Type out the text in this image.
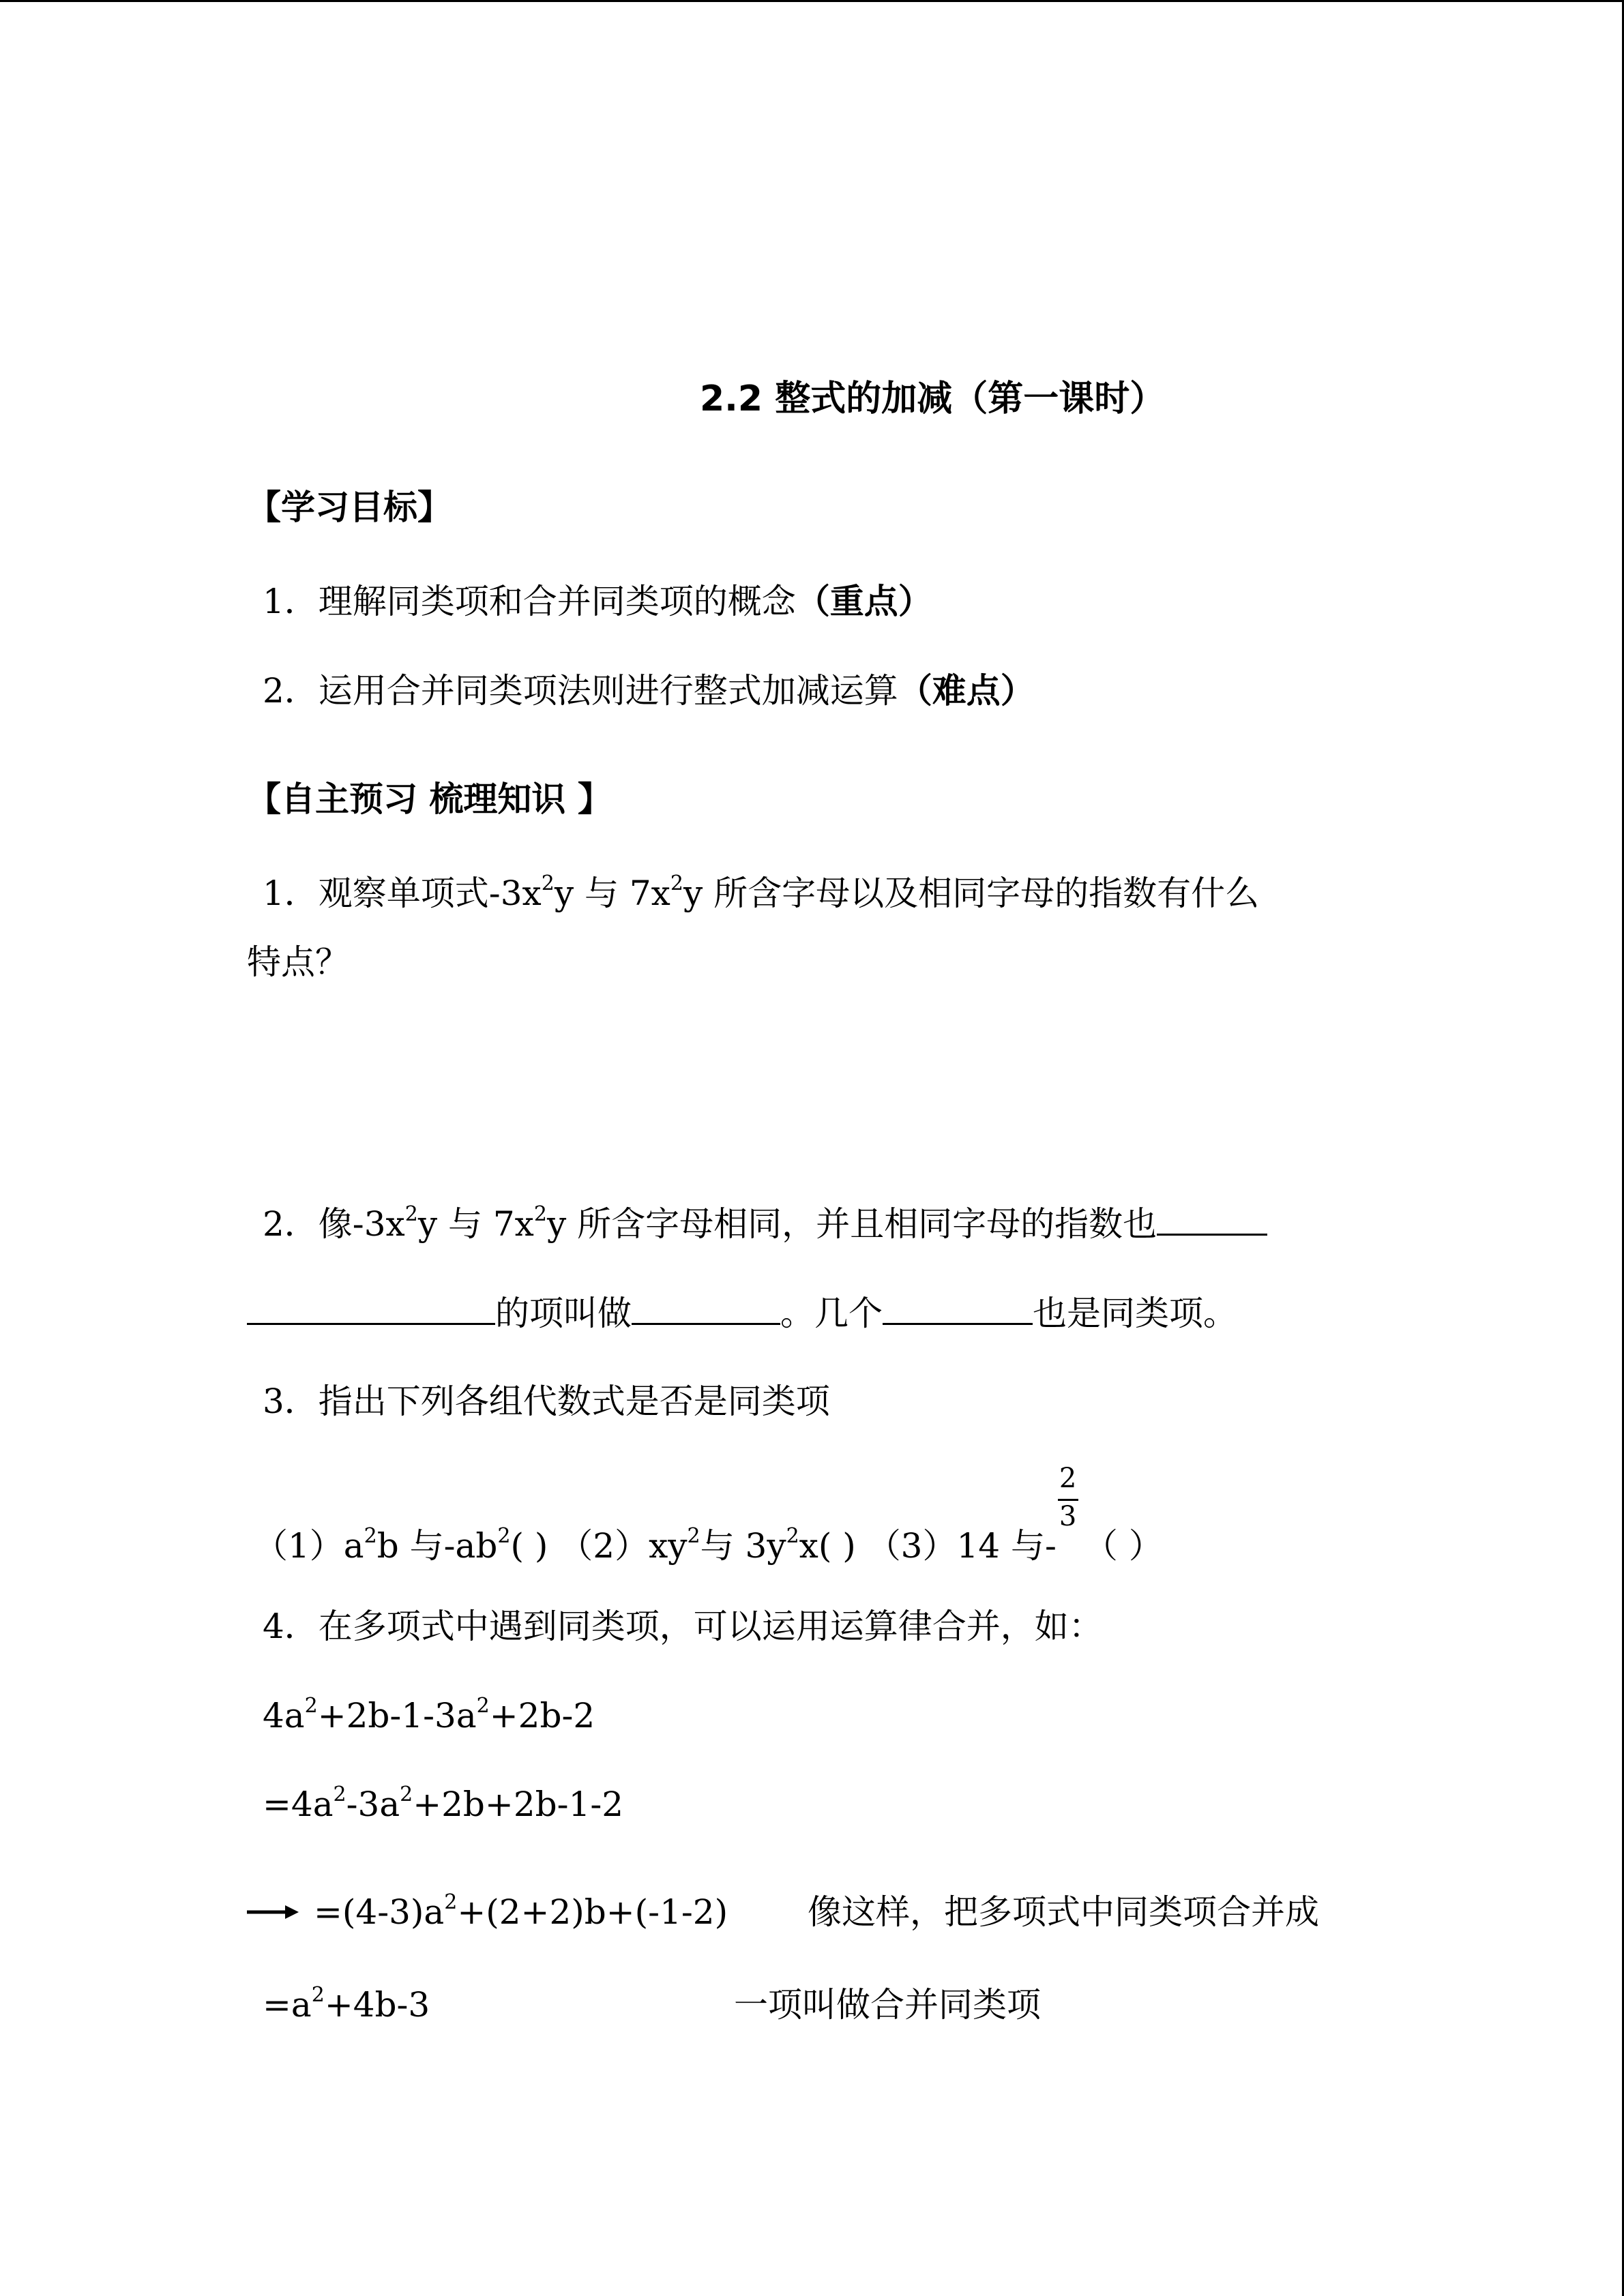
2.2 整式的加减（第一课时）
【学习目标】
1．理解同类项和合并同类项的概念（重点）
2．运用合并同类项法则进行整式加减运算（难点）
【自主预习 梳理知识 】
1．观察单项式$-3x^2y$ 与 $7x^2y$ 所含字母以及相同字母的指数有什么
特点？
2．像$-3x^2y$ 与 $7x^2y$ 所含字母相同，并且相同字母的指数也
的项叫做	。几个	也是同类项。
3．指出下列各组代数式是否是同类项
$(1)a^2b$ 与$-ab^2$( ) $(2)xy^2$与 $3y^2x$( ) （3）14 与- $\frac{2}{3}$ （ ）
4．在多项式中遇到同类项，可以运用运算律合并，如：
$4a^2+2b-1-3a^2+2b-2$
$=4a^2-3a^2+2b+2b-1-2$
$=(4-3)a^2+(2+2)b+(-1-2)$ 像这样，把多项式中同类项合并成
$=a^2+4b-3$	一项叫做合并同类项
